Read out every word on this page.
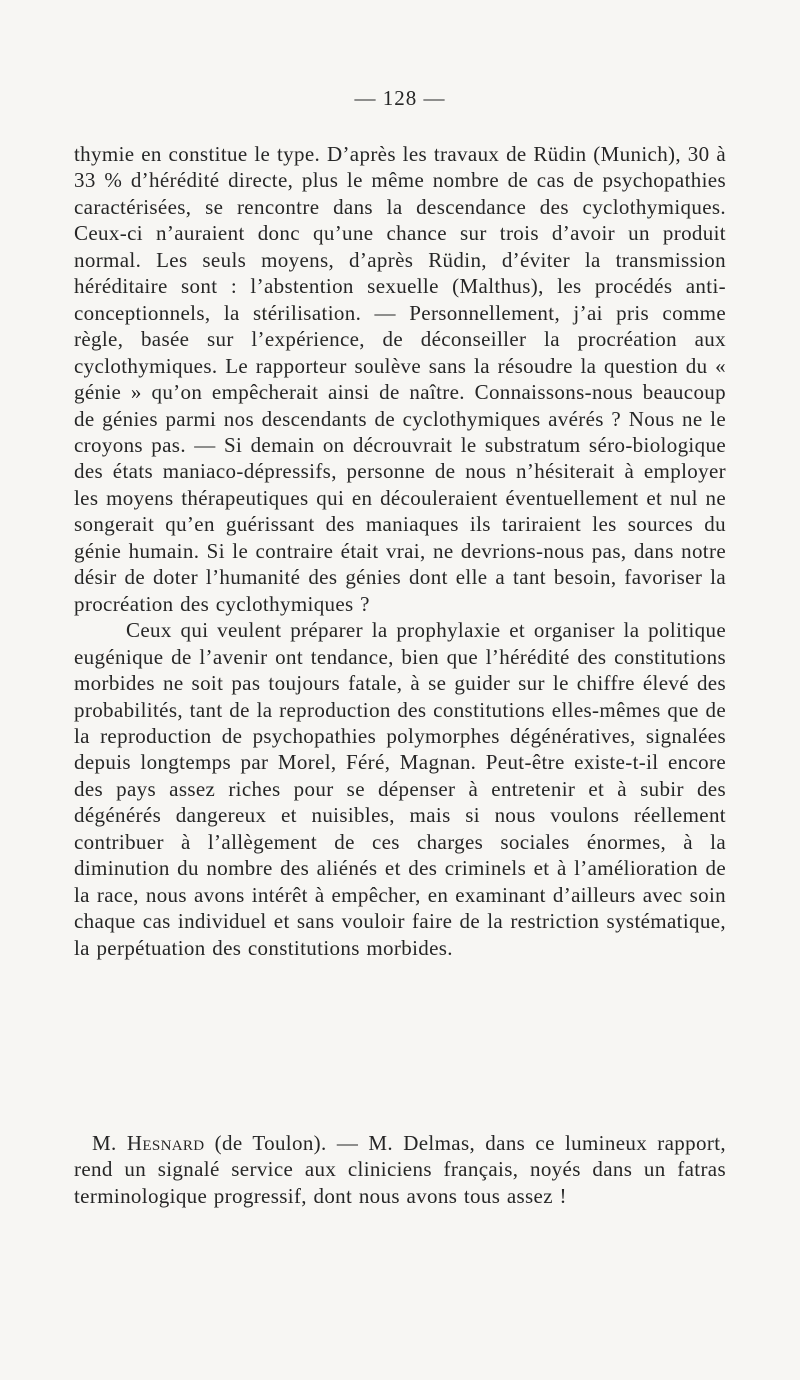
— 128 —

thymie en constitue le type. D’après les travaux de Rüdin (Munich), 30 à 33 % d’hérédité directe, plus le même nombre de cas de psychopathies caractérisées, se rencontre dans la descendance des cyclothymiques. Ceux-ci n’auraient donc qu’une chance sur trois d’avoir un produit normal. Les seuls moyens, d’après Rüdin, d’éviter la transmission héréditaire sont : l’abstention sexuelle (Malthus), les procédés anti-conceptionnels, la stérilisation. — Personnellement, j’ai pris comme règle, basée sur l’expérience, de déconseiller la procréation aux cyclothymiques. Le rapporteur soulève sans la résoudre la question du « génie » qu’on empêcherait ainsi de naître. Connaissons-nous beaucoup de génies parmi nos descendants de cyclothymiques avérés ? Nous ne le croyons pas. — Si demain on décrouvrait le substratum séro-biologique des états maniaco-dépressifs, personne de nous n’hésiterait à employer les moyens thérapeutiques qui en découleraient éventuellement et nul ne songerait qu’en guérissant des maniaques ils tariraient les sources du génie humain. Si le contraire était vrai, ne devrions-nous pas, dans notre désir de doter l’humanité des génies dont elle a tant besoin, favoriser la procréation des cyclothymiques ?

Ceux qui veulent préparer la prophylaxie et organiser la politique eugénique de l’avenir ont tendance, bien que l’hérédité des constitutions morbides ne soit pas toujours fatale, à se guider sur le chiffre élevé des probabilités, tant de la reproduction des constitutions elles-mêmes que de la reproduction de psychopathies polymorphes dégénératives, signalées depuis longtemps par Morel, Féré, Magnan. Peut-être existe-t-il encore des pays assez riches pour se dépenser à entretenir et à subir des dégénérés dangereux et nuisibles, mais si nous voulons réellement contribuer à l’allègement de ces charges sociales énormes, à la diminution du nombre des aliénés et des criminels et à l’amélioration de la race, nous avons intérêt à empêcher, en examinant d’ailleurs avec soin chaque cas individuel et sans vouloir faire de la restriction systématique, la perpétuation des constitutions morbides.

M. Hesnard (de Toulon). — M. Delmas, dans ce lumineux rapport, rend un signalé service aux cliniciens français, noyés dans un fatras terminologique progressif, dont nous avons tous assez !
